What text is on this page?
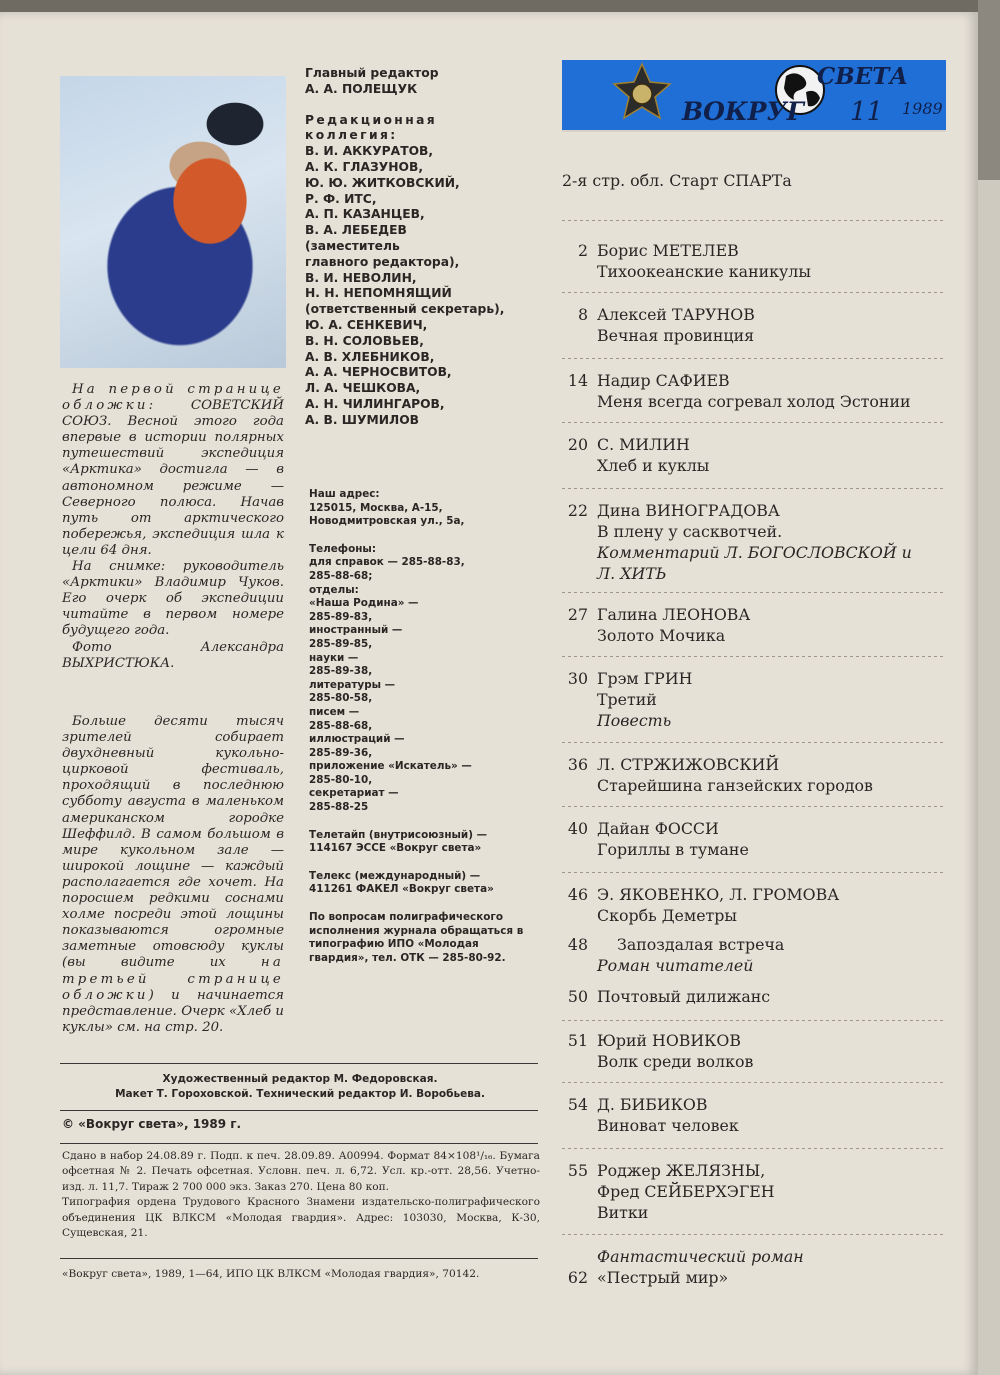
На первой странице обложки:	СОВЕТСКИЙ СОЮЗ. Весной этого года впервые в истории полярных путешествий экспедиция «Арктика» достигла — в автономном режиме — Северного полюса. Начав путь от арктического побережья, экспедиция шла к цели 64 дня.

На снимке: руководитель «Арктики» Владимир Чуков. Его очерк об экспедиции читайте в первом номере будущего года.

Фото Александра ВЫХРИСТЮКА.

Больше десяти тысяч зрителей собирает двухдневный кукольно-цирковой фестиваль, проходящий в последнюю субботу августа в маленьком американском городке Шеффилд. В самом большом в мире кукольном зале — широкой лощине — каждый располагается где хочет. На поросшем редкими соснами холме посреди этой лощины показываются огромные заметные отовсюду куклы (вы видите их	на третьей странице обложки) и начинается представление. Очерк «Хлеб и куклы» см. на стр. 20.

Главный редактор
А. А. ПОЛЕЩУК
Редакционная
коллегия:
В. И. АККУРАТОВ,
А. К. ГЛАЗУНОВ,
Ю. Ю. ЖИТКОВСКИЙ,
Р. Ф. ИТС,
А. П. КАЗАНЦЕВ,
В. А. ЛЕБЕДЕВ
(заместитель
главного редактора),
В. И. НЕВОЛИН,
Н. Н. НЕПОМНЯЩИЙ
(ответственный секретарь),
Ю. А. СЕНКЕВИЧ,
В. Н. СОЛОВЬЕВ,
А. В. ХЛЕБНИКОВ,
А. А. ЧЕРНОСВИТОВ,
Л. А. ЧЕШКОВА,
А. Н. ЧИЛИНГАРОВ,
А. В. ШУМИЛОВ
Наш адрес:
125015, Москва, А-15,
Новодмитровская ул., 5а,
Телефоны:
для справок — 285-88-83,
285-88-68;
отделы:
«Наша Родина» —
285-89-83,
иностранный —
285-89-85,
науки —
285-89-38,
литературы —
285-80-58,
писем —
285-88-68,
иллюстраций —
285-89-36,
приложение «Искатель» —
285-80-10,
секретариат —
285-88-25
Телетайп (внутрисоюзный) —
114167 ЭССЕ «Вокруг света»
Телекс (международный) —
411261 ФАКЕЛ «Вокруг света»
По вопросам полиграфического
исполнения журнала обращаться в
типографию ИПО «Молодая
гвардия», тел. ОТК — 285-80-92.
Художественный редактор М. Федоровская.
Макет Т. Гороховской. Технический редактор И. Воробьева.
© «Вокруг света», 1989 г.
Сдано в набор 24.08.89 г. Подп. к печ. 28.09.89. А00994. Формат 84×108¹/₁₆. Бумага офсетная № 2. Печать офсетная. Условн. печ. л. 6,72. Усл. кр.-отт. 28,56. Учетно-изд. л. 11,7. Тираж 2 700 000 экз. Заказ 270. Цена 80 коп.
Типография ордена Трудового Красного Знамени издательско-полиграфического объединения ЦК ВЛКСМ «Молодая гвардия». Адрес: 103030, Москва, К-30, Сущевская, 21.
«Вокруг света», 1989, 1—64, ИПО ЦК ВЛКСМ «Молодая гвардия», 70142.
ВОКРУГ
СВЕТА
11 1989
2-я стр. обл. Старт СПАРТа
2 Борис МЕТЕЛЕВ
Тихоокеанские каникулы
8 Алексей ТАРУНОВ
Вечная провинция
14 Надир САФИЕВ
Меня всегда согревал холод Эстонии
20 С. МИЛИН
Хлеб и куклы
22 Дина ВИНОГРАДОВА
В плену у сасквотчей.
Комментарий Л. БОГОСЛОВСКОЙ и
Л. ХИТЬ
27 Галина ЛЕОНОВА
Золото Мочика
30 Грэм ГРИН
Третий
Повесть
36 Л. СТРЖИЖОВСКИЙ
Старейшина ганзейских городов
40 Дайан ФОССИ
Гориллы в тумане
46 Э. ЯКОВЕНКО, Л. ГРОМОВА
Скорбь Деметры
48 Запоздалая встреча
Роман читателей
50 Почтовый дилижанс
51 Юрий НОВИКОВ
Волк среди волков
54 Д. БИБИКОВ
Виноват человек
55 Роджер ЖЕЛЯЗНЫ,
Фред СЕЙБЕРХЭГЕН
Витки
Фантастический роман
62 «Пестрый мир»
